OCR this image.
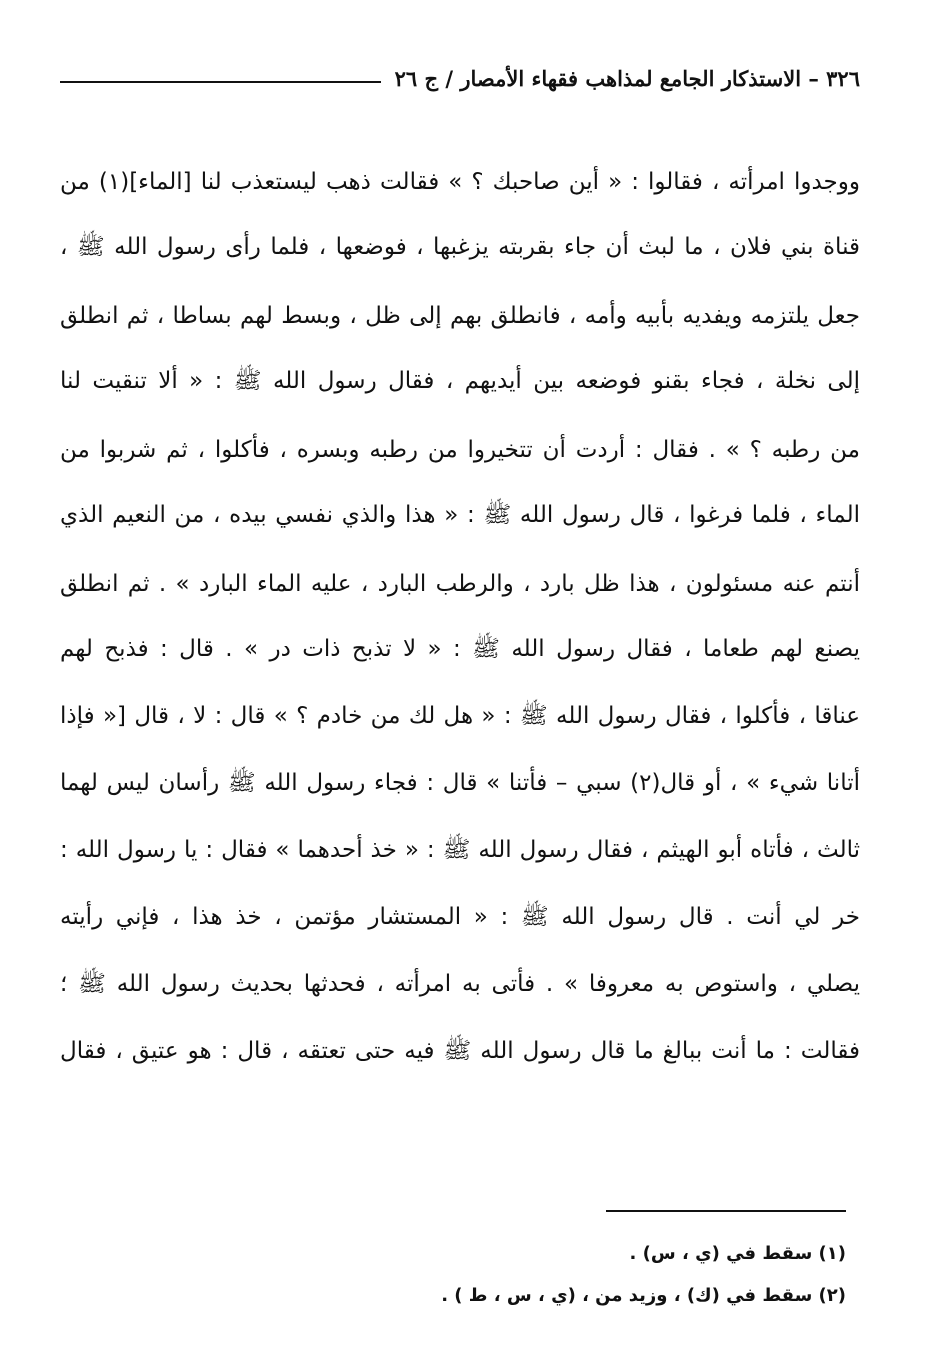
٣٢٦ – الاستذكار الجامع لمذاهب فقهاء الأمصار / ج ٢٦
ووجدوا امرأته ، فقالوا : « أين صاحبك ؟ » فقالت ذهب ليستعذب لنا [الماء](١) من
قناة بني فلان ، ما لبث أن جاء بقربته يزغبها ، فوضعها ، فلما رأى رسول الله ﷺ ،
جعل يلتزمه ويفديه بأبيه وأمه ، فانطلق بهم إلى ظل ، وبسط لهم بساطا ، ثم انطلق
إلى نخلة ، فجاء بقنو فوضعه بين أيديهم ، فقال رسول الله ﷺ : « ألا تنقيت لنا
من رطبه ؟ » . فقال : أردت أن تتخيروا من رطبه وبسره ، فأكلوا ، ثم شربوا من
الماء ، فلما فرغوا ، قال رسول الله ﷺ : « هذا والذي نفسي بيده ، من النعيم الذي
أنتم عنه مسئولون ، هذا ظل بارد ، والرطب البارد ، عليه الماء البارد » . ثم انطلق
يصنع لهم طعاما ، فقال رسول الله ﷺ : « لا تذبح ذات در » . قال : فذبح لهم
عناقا ، فأكلوا ، فقال رسول الله ﷺ : « هل لك من خادم ؟ » قال : لا ، قال [« فإذا
أتانا شيء » ، أو قال(٢) سبي – فأتنا » قال : فجاء رسول الله ﷺ رأسان ليس لهما
ثالث ، فأتاه أبو الهيثم ، فقال رسول الله ﷺ : « خذ أحدهما » فقال : يا رسول الله :
خر لي أنت . قال رسول الله ﷺ : « المستشار مؤتمن ، خذ هذا ، فإني رأيته
يصلي ، واستوص به معروفا » . فأتى به امرأته ، فحدثها بحديث رسول الله ﷺ ؛
فقالت : ما أنت ببالغ ما قال رسول الله ﷺ فيه حتى تعتقه ، قال : هو عتيق ، فقال
(١) سقط في (ي ، س) .
(٢) سقط في (ك) ، وزيد من ، (ي ، س ، ط ) .
